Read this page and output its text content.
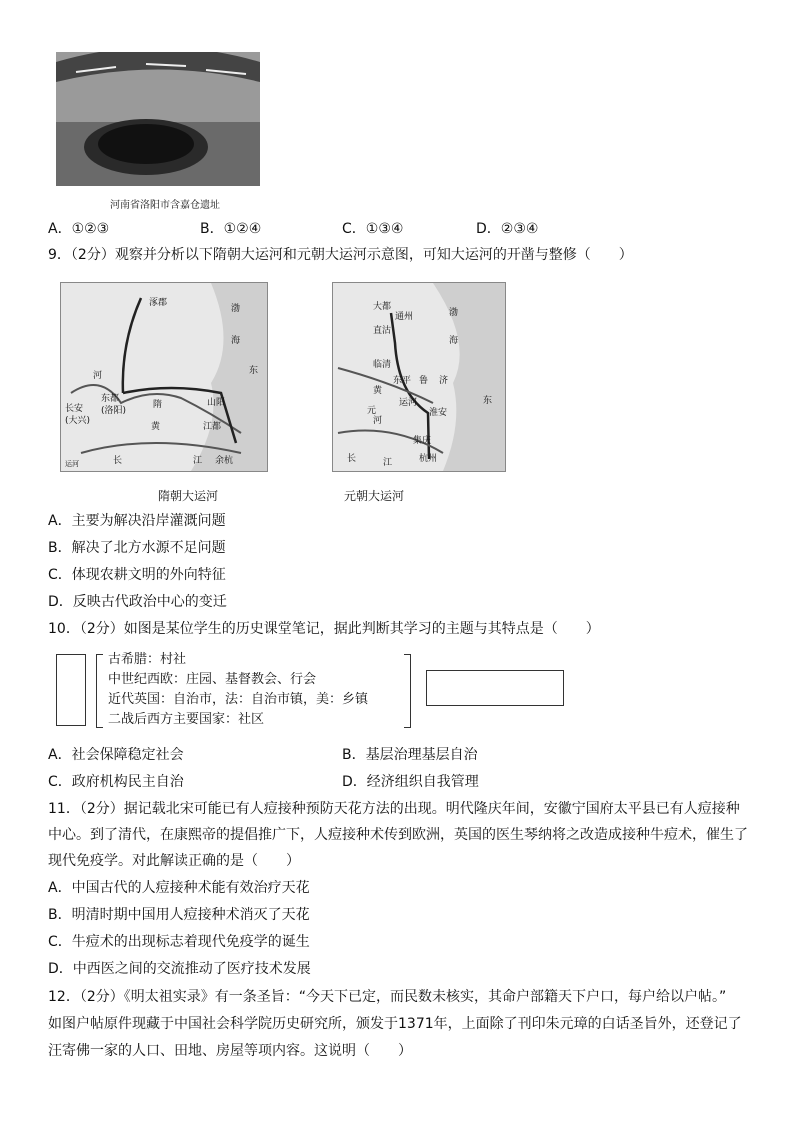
河南省洛阳市含嘉仓遗址
A．①②③	B．①②④	C．①③④	D．②③④
9．（2分）观察并分析以下隋朝大运河和元朝大运河示意图，可知大运河的开凿与整修（　　）
涿郡
渤
海
东
河
东都
(洛阳)
长安
(大兴)
隋	山阳
江都
余杭
长	江
黄
运河
隋朝大运河
大都
通州
直沽
渤
海
临清
东平 鲁
东
济
运河
元	淮安
集庆
杭州
长	江
黄
河
元朝大运河
A．主要为解决沿岸灌溉问题
B．解决了北方水源不足问题
C．体现农耕文明的外向特征
D．反映古代政治中心的变迁
10．（2分）如图是某位学生的历史课堂笔记，据此判断其学习的主题与其特点是（　　）
古希腊：村社
中世纪西欧：庄园、基督教会、行会
近代英国：自治市，法：自治市镇，美：乡镇
二战后西方主要国家：社区
A．社会保障稳定社会	B．基层治理基层自治
C．政府机构民主自治	D．经济组织自我管理
11．（2分）据记载北宋可能已有人痘接种预防天花方法的出现。明代隆庆年间，安徽宁国府太平县已有人痘接种
中心。到了清代，在康熙帝的提倡推广下，人痘接种术传到欧洲，英国的医生琴纳将之改造成接种牛痘术，催生了
现代免疫学。对此解读正确的是（　　）
A．中国古代的人痘接种术能有效治疗天花
B．明清时期中国用人痘接种术消灭了天花
C．牛痘术的出现标志着现代免疫学的诞生
D．中西医之间的交流推动了医疗技术发展
12．（2分）《明太祖实录》有一条圣旨：“今天下已定，而民数未核实，其命户部籍天下户口，每户给以户帖。”
如图户帖原件现藏于中国社会科学院历史研究所，颁发于1371年，上面除了刊印朱元璋的白话圣旨外，还登记了
汪寄佛一家的人口、田地、房屋等项内容。这说明（　　）
